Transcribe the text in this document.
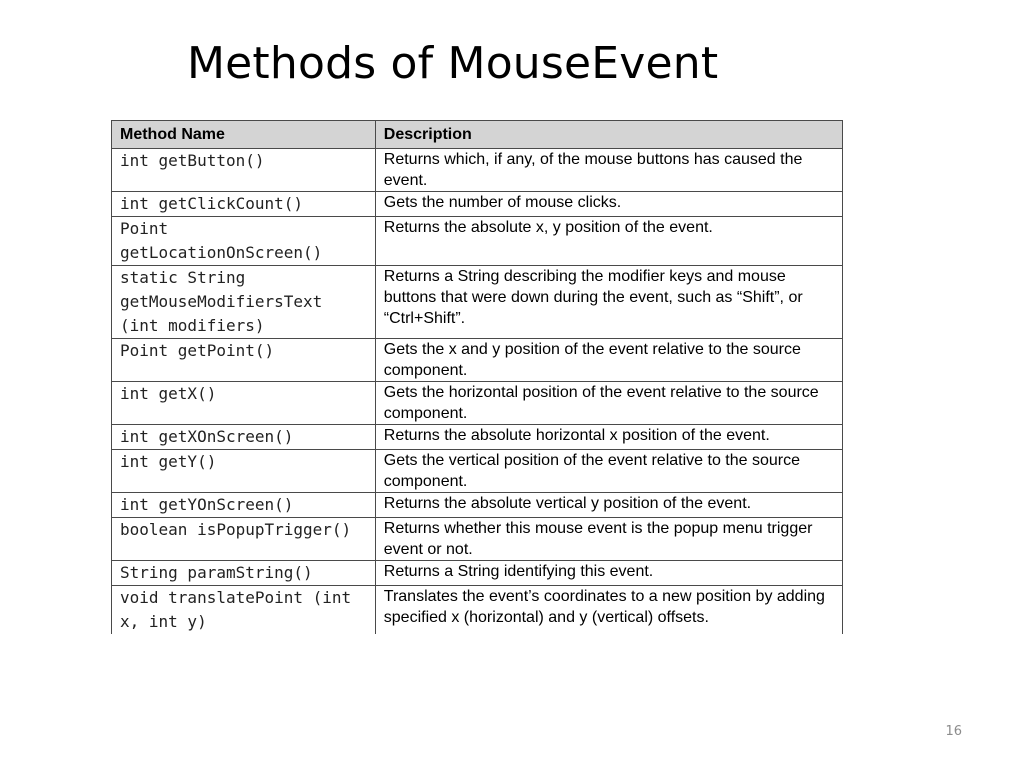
Methods of MouseEvent
Method Name	Description
int getButton()	Returns which, if any, of the mouse buttons has caused the event.
int getClickCount()	Gets the number of mouse clicks.
Point getLocationOnScreen()	Returns the absolute x, y position of the event.
static String getMouseModifiersText (int modifiers)	Returns a String describing the modifier keys and mouse buttons that were down during the event, such as “Shift”, or “Ctrl+Shift”.
Point getPoint()	Gets the x and y position of the event relative to the source component.
int getX()	Gets the horizontal position of the event relative to the source component.
int getXOnScreen()	Returns the absolute horizontal x position of the event.
int getY()	Gets the vertical position of the event relative to the source component.
int getYOnScreen()	Returns the absolute vertical y position of the event.
boolean isPopupTrigger()	Returns whether this mouse event is the popup menu trigger event or not.
String paramString()	Returns a String identifying this event.
void translatePoint (int x, int y)	Translates the event’s coordinates to a new position by adding specified x (horizontal) and y (vertical) offsets.
16
